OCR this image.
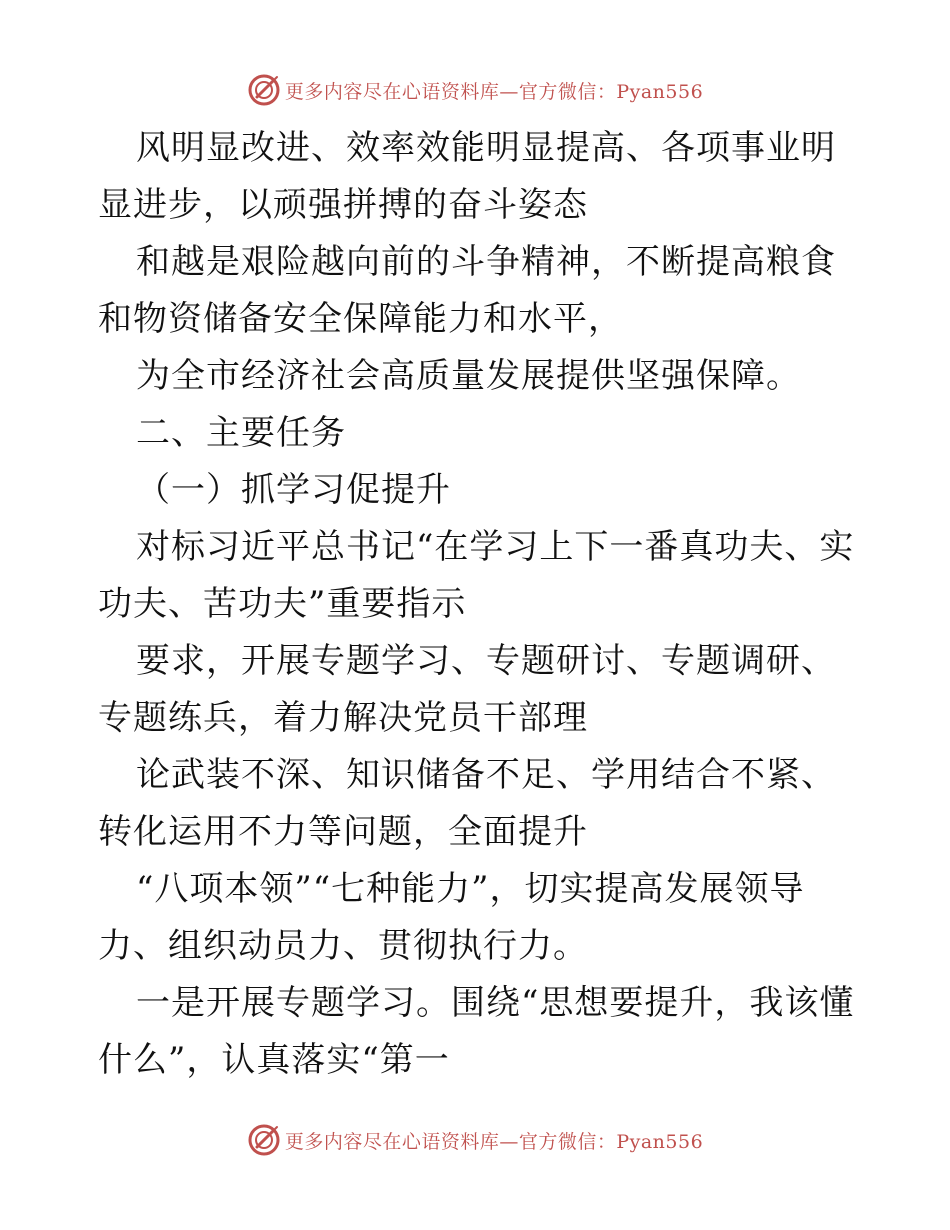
更多内容尽在心语资料库—官方微信：Pyan556

风明显改进、效率效能明显提高、各项事业明显进步，以顽强拼搏的奋斗姿态

和越是艰险越向前的斗争精神，不断提高粮食和物资储备安全保障能力和水平，

为全市经济社会高质量发展提供坚强保障。

二、主要任务

（一）抓学习促提升

对标习近平总书记“在学习上下一番真功夫、实功夫、苦功夫”重要指示

要求，开展专题学习、专题研讨、专题调研、专题练兵，着力解决党员干部理

论武装不深、知识储备不足、学用结合不紧、转化运用不力等问题，全面提升

“八项本领”“七种能力”，切实提高发展领导力、组织动员力、贯彻执行力。

一是开展专题学习。围绕“思想要提升，我该懂什么”，认真落实“第一

更多内容尽在心语资料库—官方微信：Pyan556
